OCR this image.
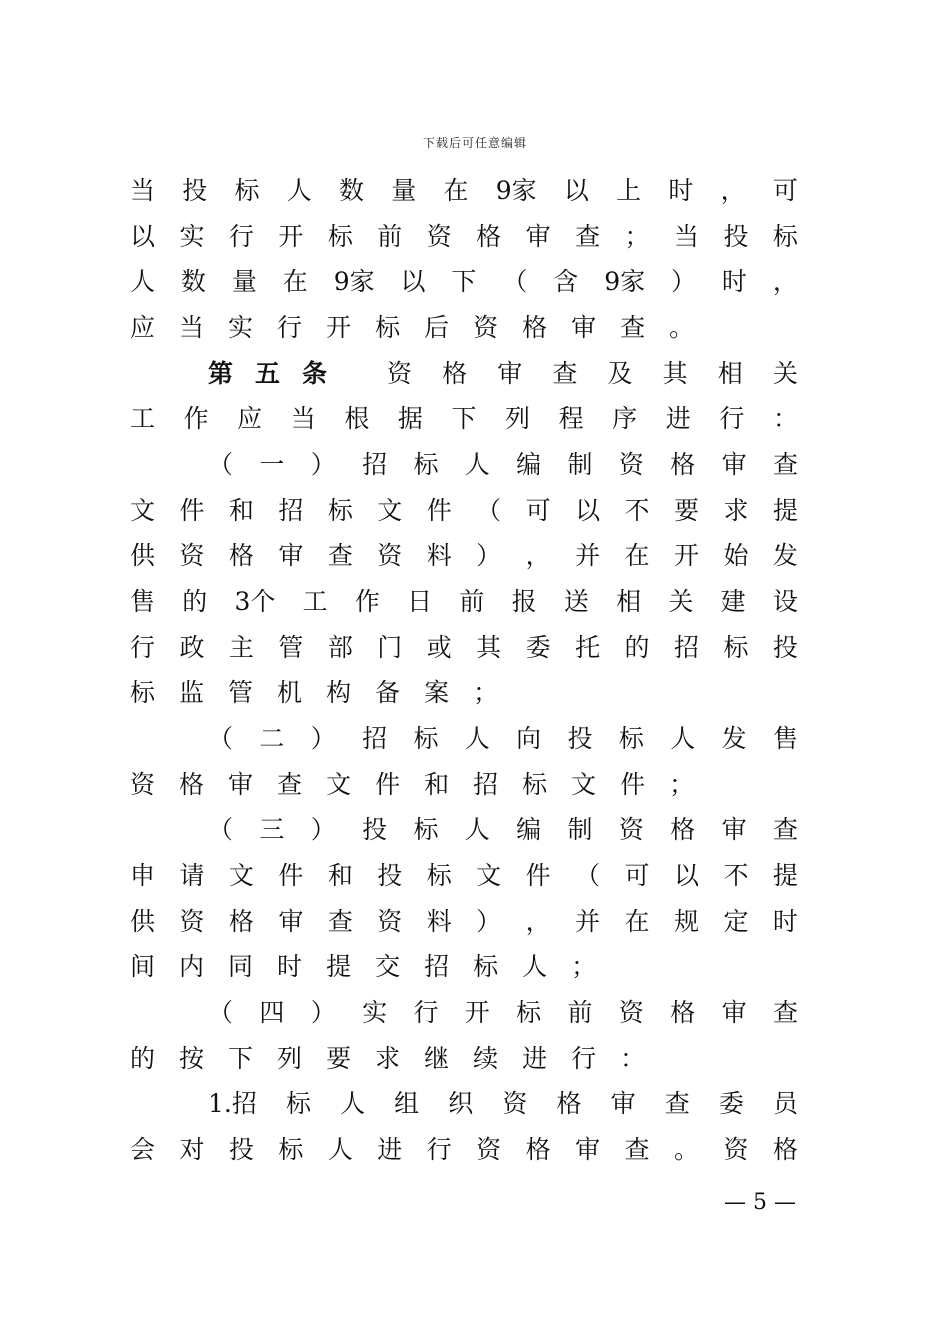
下载后可任意编辑
当 投 标 人 数 量 在 9家 以 上 时 ， 可
以 实 行 开 标 前 资 格 审 查 ； 当 投 标
人 数 量 在 9家 以 下 （ 含 9家 ） 时 ，
应 当 实 行 开 标 后 资 格 审 查 。
第五条 资 格 审 查 及 其 相 关
工 作 应 当 根 据 下 列 程 序 进 行 ：
（ 一 ） 招 标 人 编 制 资 格 审 查
文 件 和 招 标 文 件 （ 可 以 不 要 求 提
供 资 格 审 查 资 料 ） ， 并 在 开 始 发
售 的 3个 工 作 日 前 报 送 相 关 建 设
行 政 主 管 部 门 或 其 委 托 的 招 标 投
标 监 管 机 构 备 案 ；
（ 二 ） 招 标 人 向 投 标 人 发 售
资 格 审 查 文 件 和 招 标 文 件 ；
（ 三 ） 投 标 人 编 制 资 格 审 查
申 请 文 件 和 投 标 文 件 （ 可 以 不 提
供 资 格 审 查 资 料 ） ， 并 在 规 定 时
间 内 同 时 提 交 招 标 人 ；
（ 四 ） 实 行 开 标 前 资 格 审 查
的 按 下 列 要 求 继 续 进 行 ：
1.招 标 人 组 织 资 格 审 查 委 员
会 对 投 标 人 进 行 资 格 审 查 。 资 格
— 5 —
